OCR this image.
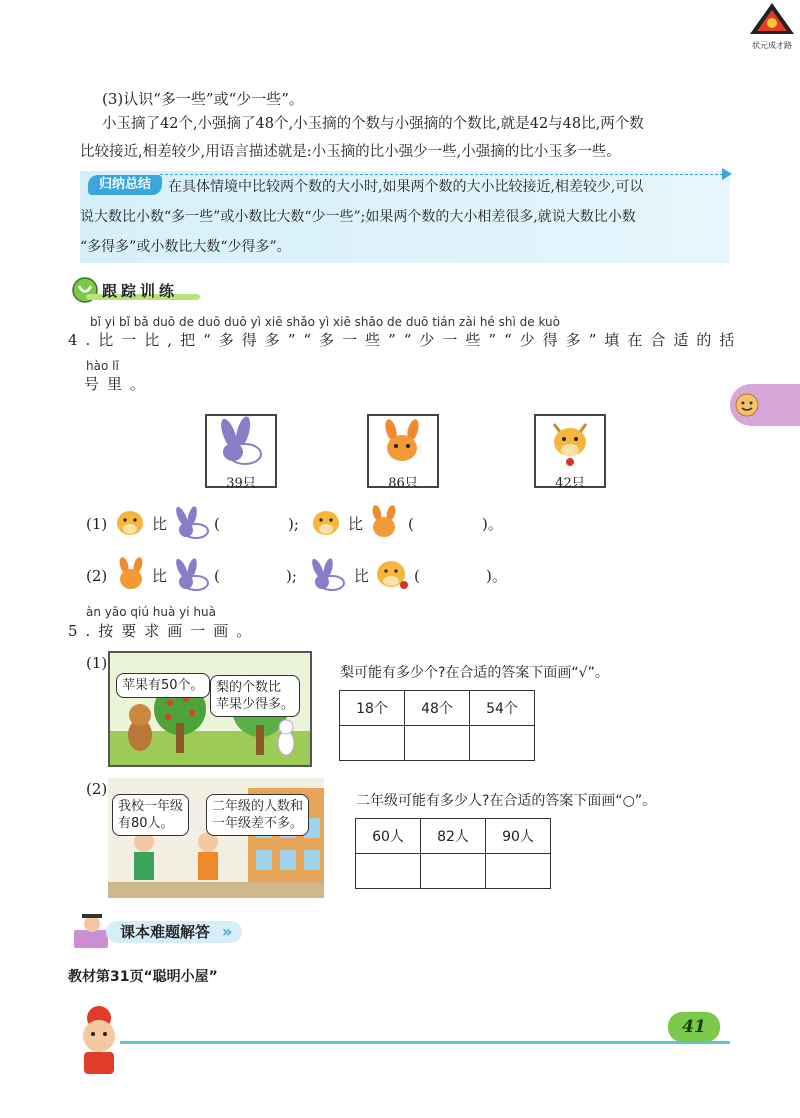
状元成才路
(3)认识“多一些”或“少一些”。
小玉摘了42个,小强摘了48个,小玉摘的个数与小强摘的个数比,就是42与48比,两个数
比较接近,相差较少,用语言描述就是:小玉摘的比小强少一些,小强摘的比小玉多一些。
归纳总结	在具体情境中比较两个数的大小时,如果两个数的大小比较接近,相差较少,可以
说大数比小数“多一些”或小数比大数“少一些”;如果两个数的大小相差很多,就说大数比小数
“多得多”或小数比大数“少得多”。
跟踪训练
bǐ yi bǐ bǎ duō de duō duō yì xiē shǎo yì xiē shǎo de duō tián zài hé shì de kuò
4.比一比,把“多得多”“多一些”“少一些”“少得多”填在合适的括
hào lǐ
号里。
39只	86只	42只
(1)	比	(	);	比	(	)。
(2)	比	(	);	比	(	)。
àn yāo qiú huà yi huà
5.按要求画一画。
(1)
苹果有50个。 梨的个数比
苹果少得多。
梨可能有多少个?在合适的答案下面画“√”。
18个	48个	54个

(2)
我校一年级
有80人。
二年级的人数和
一年级差不多。
二年级可能有多少人?在合适的答案下面画“○”。
60人	82人	90人

课本难题解答 »
教材第31页“聪明小屋”
41
